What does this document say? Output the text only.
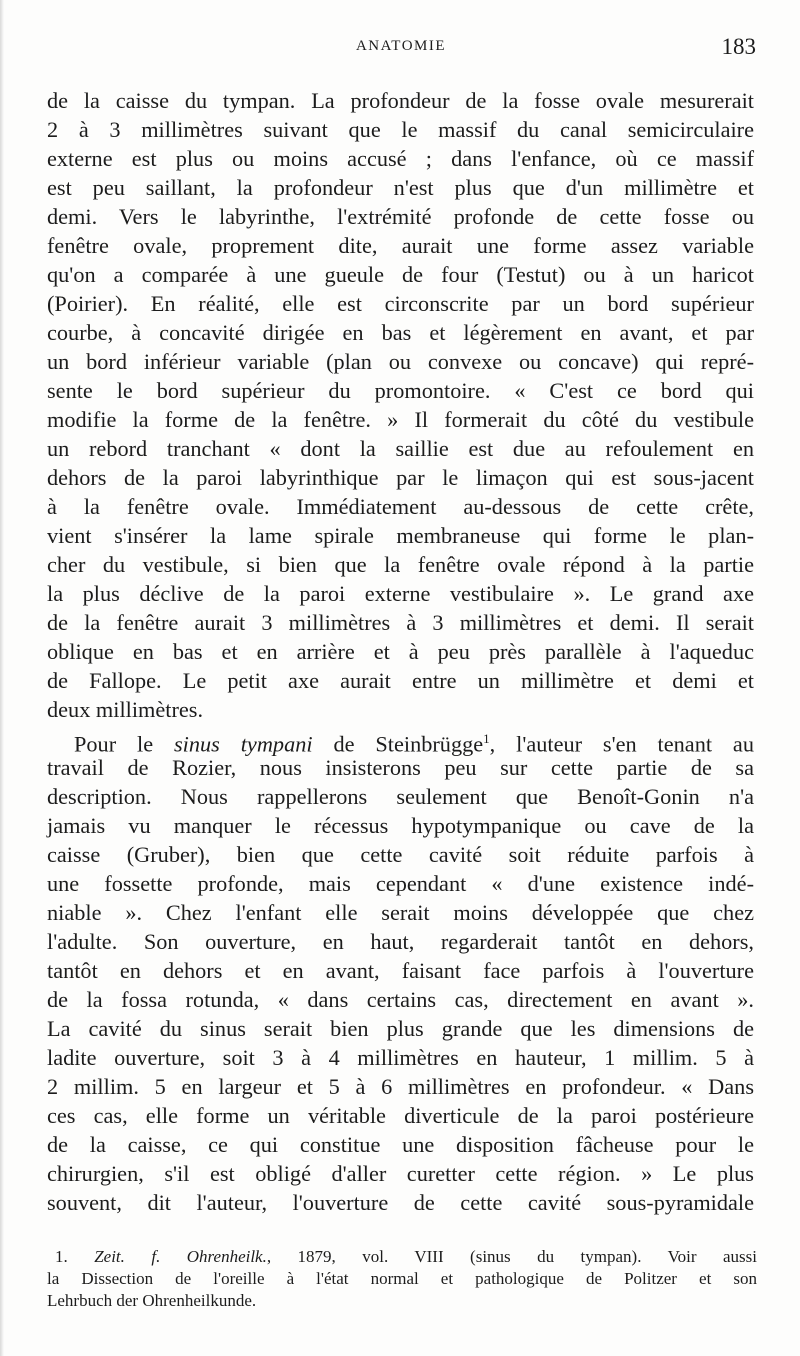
ANATOMIE	183
de la caisse du tympan. La profondeur de la fosse ovale mesurerait
2 à 3 millimètres suivant que le massif du canal semicirculaire
externe est plus ou moins accusé ; dans l'enfance, où ce massif
est peu saillant, la profondeur n'est plus que d'un millimètre et
demi. Vers le labyrinthe, l'extrémité profonde de cette fosse ou
fenêtre ovale, proprement dite, aurait une forme assez variable
qu'on a comparée à une gueule de four (Testut) ou à un haricot
(Poirier). En réalité, elle est circonscrite par un bord supérieur
courbe, à concavité dirigée en bas et légèrement en avant, et par
un bord inférieur variable (plan ou convexe ou concave) qui repré-
sente le bord supérieur du promontoire. « C'est ce bord qui
modifie la forme de la fenêtre. » Il formerait du côté du vestibule
un rebord tranchant « dont la saillie est due au refoulement en
dehors de la paroi labyrinthique par le limaçon qui est sous-jacent
à la fenêtre ovale. Immédiatement au-dessous de cette crête,
vient s'insérer la lame spirale membraneuse qui forme le plan-
cher du vestibule, si bien que la fenêtre ovale répond à la partie
la plus déclive de la paroi externe vestibulaire ». Le grand axe
de la fenêtre aurait 3 millimètres à 3 millimètres et demi. Il serait
oblique en bas et en arrière et à peu près parallèle à l'aqueduc
de Fallope. Le petit axe aurait entre un millimètre et demi et
deux millimètres.
Pour le sinus tympani de Steinbrügge$^1$, l'auteur s'en tenant au
travail de Rozier, nous insisterons peu sur cette partie de sa
description. Nous rappellerons seulement que Benoît-Gonin n'a
jamais vu manquer le récessus hypotympanique ou cave de la
caisse (Gruber), bien que cette cavité soit réduite parfois à
une fossette profonde, mais cependant « d'une existence indé-
niable ». Chez l'enfant elle serait moins développée que chez
l'adulte. Son ouverture, en haut, regarderait tantôt en dehors,
tantôt en dehors et en avant, faisant face parfois à l'ouverture
de la fossa rotunda, « dans certains cas, directement en avant ».
La cavité du sinus serait bien plus grande que les dimensions de
ladite ouverture, soit 3 à 4 millimètres en hauteur, 1 millim. 5 à
2 millim. 5 en largeur et 5 à 6 millimètres en profondeur. « Dans
ces cas, elle forme un véritable diverticule de la paroi postérieure
de la caisse, ce qui constitue une disposition fâcheuse pour le
chirurgien, s'il est obligé d'aller curetter cette région. » Le plus
souvent, dit l'auteur, l'ouverture de cette cavité sous-pyramidale
1. Zeit. f. Ohrenheilk., 1879, vol. VIII (sinus du tympan). Voir aussi
la Dissection de l'oreille à l'état normal et pathologique de Politzer et son
Lehrbuch der Ohrenheilkunde.
